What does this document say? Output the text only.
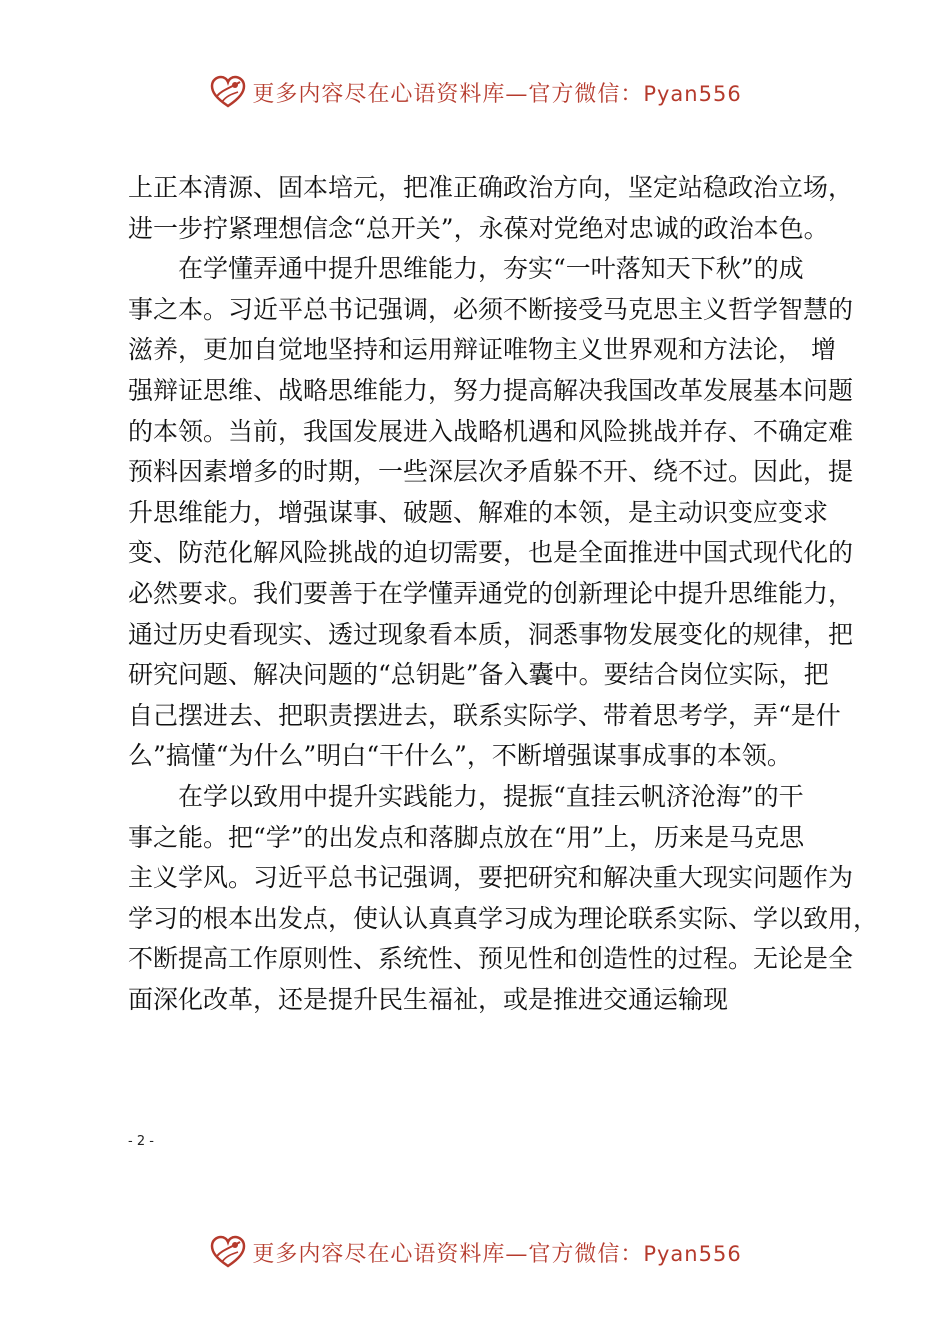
更多内容尽在心语资料库—官方微信：Pyan556
上正本清源、固本培元，把准正确政治方向，坚定站稳政治立场，
进一步拧紧理想信念“总开关”，永葆对党绝对忠诚的政治本色。
在学懂弄通中提升思维能力，夯实“一叶落知天下秋”的成
事之本。习近平总书记强调，必须不断接受马克思主义哲学智慧的
滋养，更加自觉地坚持和运用辩证唯物主义世界观和方法论， 增
强辩证思维、战略思维能力，努力提高解决我国改革发展基本问题
的本领。当前，我国发展进入战略机遇和风险挑战并存、不确定难
预料因素增多的时期，一些深层次矛盾躲不开、绕不过。因此，提
升思维能力，增强谋事、破题、解难的本领，是主动识变应变求
变、防范化解风险挑战的迫切需要，也是全面推进中国式现代化的
必然要求。我们要善于在学懂弄通党的创新理论中提升思维能力，
通过历史看现实、透过现象看本质，洞悉事物发展变化的规律，把
研究问题、解决问题的“总钥匙”备入囊中。要结合岗位实际，把
自己摆进去、把职责摆进去，联系实际学、带着思考学，弄“是什
么”搞懂“为什么”明白“干什么”，不断增强谋事成事的本领。
在学以致用中提升实践能力，提振“直挂云帆济沧海”的干
事之能。把“学”的出发点和落脚点放在“用”上，历来是马克思
主义学风。习近平总书记强调，要把研究和解决重大现实问题作为
学习的根本出发点，使认认真真学习成为理论联系实际、学以致用，
不断提高工作原则性、系统性、预见性和创造性的过程。无论是全
面深化改革，还是提升民生福祉，或是推进交通运输现
- 2 -
更多内容尽在心语资料库—官方微信：Pyan556
